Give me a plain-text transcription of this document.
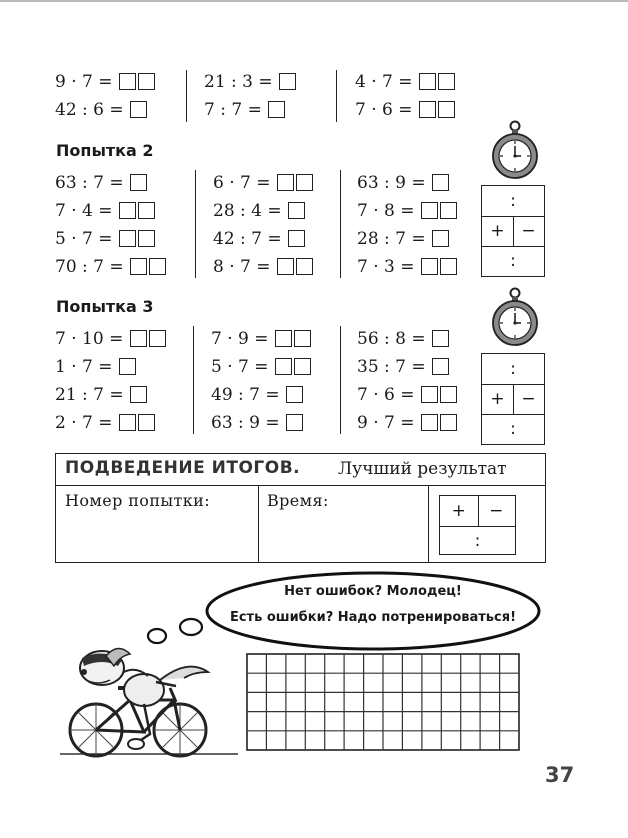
9 · 7 =
42 : 6 =
21 : 3 =
7 : 7 =
4 · 7 =
7 · 6 =
Попытка 2
63 : 7 =
7 · 4 =
5 · 7 =
70 : 7 =
6 · 7 =
28 : 4 =
42 : 7 =
8 · 7 =
63 : 9 =
7 · 8 =
28 : 7 =
7 · 3 =
:
+ −
:
Попытка 3
7 · 10 =
1 · 7 =
21 : 7 =
2 · 7 =
7 · 9 =
5 · 7 =
49 : 7 =
63 : 9 =
56 : 8 =
35 : 7 =
7 · 6 =
9 · 7 =
:
+ −
:
ПОДВЕДЕНИЕ ИТОГОВ. Лучший результат
Номер попытки:	Время:
+	−
:
Нет ошибок? Молодец!
Есть ошибки? Надо потренироваться!
37
